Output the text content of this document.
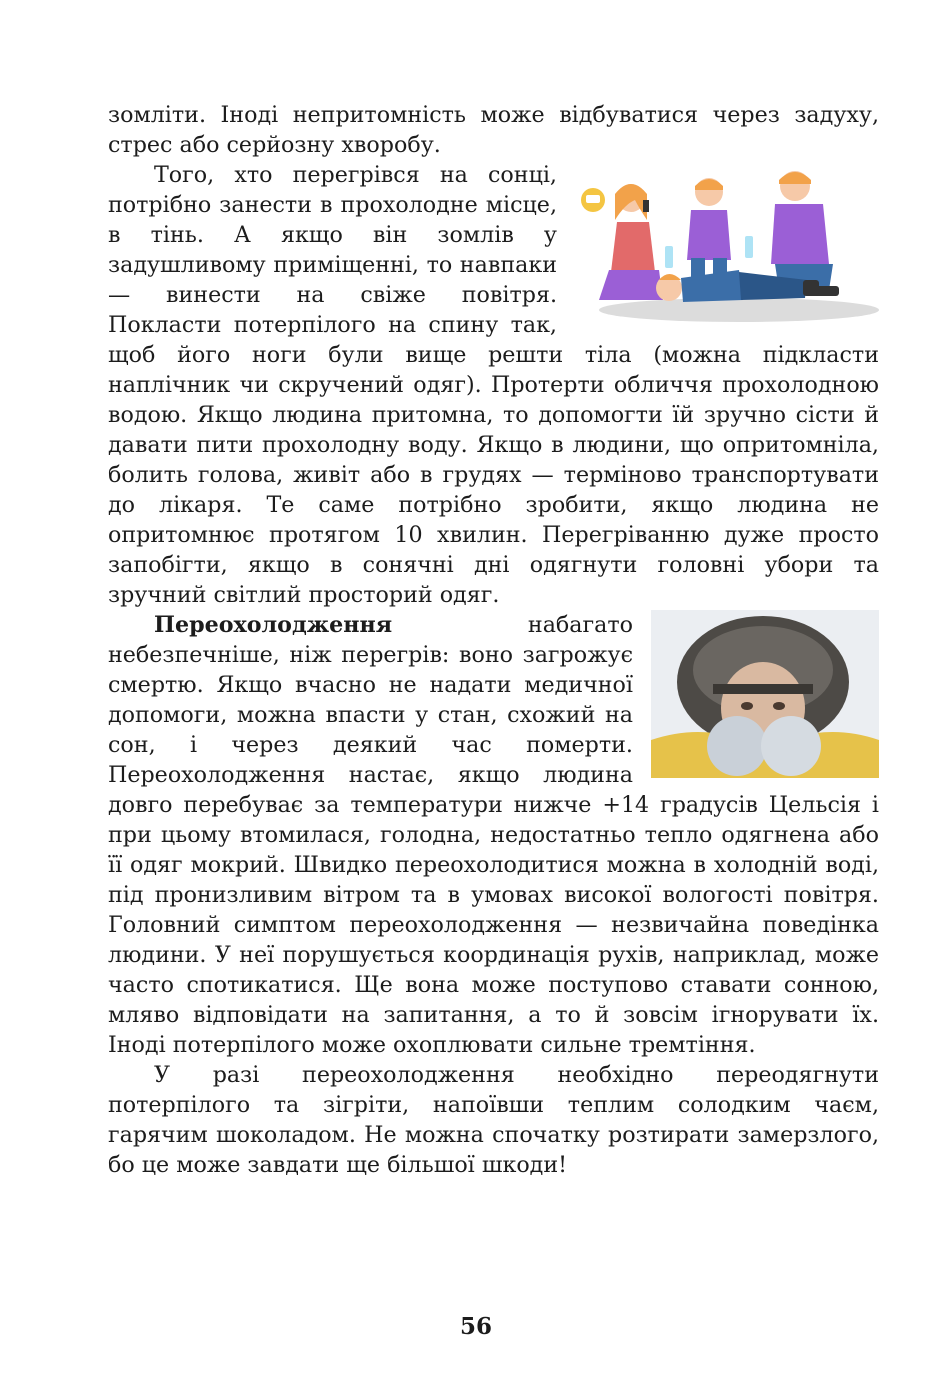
зомліти. Іноді непритомність може відбуватися через задуху, стрес або серйозну хворобу.

Того, хто перегрівся на сонці, потрібно занести в прохолодне місце, в тінь. А якщо він зомлів у задушливому приміщенні, то навпаки — винести на свіже повітря. Покласти потерпілого на спину так, щоб його ноги були вище решти тіла (можна підкласти наплічник чи скручений одяг). Протерти обличчя прохолодною водою. Якщо людина притомна, то допомогти їй зручно сісти й давати пити прохолодну воду. Якщо в людини, що опритомніла, болить голова, живіт або в грудях — терміново транспортувати до лікаря. Те саме потрібно зробити, якщо людина не опритомнює протягом 10 хвилин. Перегріванню дуже просто запобігти, якщо в сонячні дні одягнути головні убори та зручний світлий просторий одяг.

Переохолодження набагато небезпечніше, ніж перегрів: воно загрожує смертю. Якщо вчасно не надати медичної допомоги, можна впасти у стан, схожий на сон, і через деякий час померти. Переохолодження настає, якщо людина довго перебуває за температури нижче +14 градусів Цельсія і при цьому втомилася, голодна, недостатньо тепло одягнена або її одяг мокрий. Швидко переохолодитися можна в холодній воді, під пронизливим вітром та в умовах високої вологості повітря. Головний симптом переохолодження — незвичайна поведінка людини. У неї порушується координація рухів, наприклад, може часто спотикатися. Ще вона може поступово ставати сонною, мляво відповідати на запитання, а то й зовсім ігнорувати їх. Іноді потерпілого може охоплювати сильне тремтіння.

У разі переохолодження необхідно переодягнути потерпілого та зігріти, напоївши теплим солодким чаєм, гарячим шоколадом. Не можна спочатку розтирати замерзлого, бо це може завдати ще більшої шкоди!

56
